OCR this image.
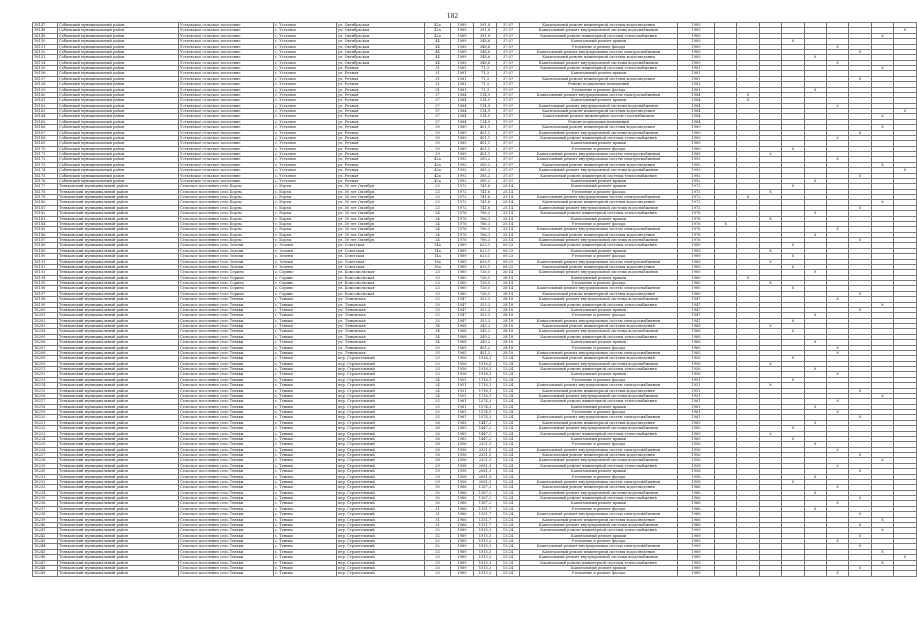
182
18147	Собинский муниципальный район	Устьевское сельское поселение	с. Устьевое	ул. Октябрьская	42а	1989	391,8	37:07	Капитальный ремонт инженерной системы водоотведения	1989									
18148	Собинский муниципальный район	Устьевское сельское поселение	с. Устьевое	ул. Октябрьская	42а	1989	391,8	37:07	Капитальный ремонт внутридомовой системы водоснабжения	1989									X
18149	Собинский муниципальный район	Устьевское сельское поселение	с. Устьевое	ул. Октябрьская	42а	1989	391,8	37:07	Капитальный ремонт инженерной системы теплоснабжения	1989								X	
18150	Собинский муниципальный район	Устьевское сельское поселение	с. Устьевое	ул. Октябрьская	44	1989	348,6	37:07	Капитальный ремонт крыши	1989				X					
18151	Собинский муниципальный район	Устьевское сельское поселение	с. Устьевое	ул. Октябрьская	44	1989	348,6	37:07	Утепление и ремонт фасада	1989						X			
18152	Собинский муниципальный район	Устьевское сельское поселение	с. Устьевое	ул. Октябрьская	44	1989	348,6	37:07	Капитальный ремонт внутридомовых систем электроснабжения	1989							X		
18153	Собинский муниципальный район	Устьевское сельское поселение	с. Устьевое	ул. Октябрьская	44	1989	348,6	37:07	Капитальный ремонт инженерной системы водоотведения	1989					X				
18154	Собинский муниципальный район	Устьевское сельское поселение	с. Устьевое	ул. Октябрьская	44	1989	348,6	37:07	Капитальный ремонт внутридомовой системы водоснабжения	1989						X			
18155	Собинский муниципальный район	Устьевское сельское поселение	с. Устьевое	ул. Речная	31	1981	71,3	37:07	Капитальный ремонт инженерной системы теплоснабжения	1981								X	
18156	Собинский муниципальный район	Устьевское сельское поселение	с. Устьевое	ул. Речная	31	1981	71,3	37:07	Капитальный ремонт крыши	1981									
18157	Собинский муниципальный район	Устьевское сельское поселение	с. Устьевое	ул. Речная	31	1981	71,3	37:07	Капитальный ремонт инженерной системы водоотведения	1981							X		
18158	Собинский муниципальный район	Устьевское сельское поселение	с. Устьевое	ул. Речная	31	1981	71,3	37:07	Ремонт подвальных помещений	1981									
18159	Собинский муниципальный район	Устьевское сельское поселение	с. Устьевое	ул. Речная	31	1981	71,3	37:07	Утепление и ремонт фасада	1981					X				
18160	Собинский муниципальный район	Устьевское сельское поселение	с. Устьевое	ул. Речная	37	1984	114,9	37:07	Капитальный ремонт внутридомовых систем электроснабжения	1984		X							
18161	Собинский муниципальный район	Устьевское сельское поселение	с. Устьевое	ул. Речная	37	1984	114,9	37:07	Капитальный ремонт крыши	1984		X							
18162	Собинский муниципальный район	Устьевское сельское поселение	с. Устьевое	ул. Речная	37	1984	114,9	37:07	Капитальный ремонт внутридомовой системы водоснабжения	1984						X			
18163	Собинский муниципальный район	Устьевское сельское поселение	с. Устьевое	ул. Речная	37	1984	114,9	37:07	Капитальный ремонт инженерной системы водоотведения	1984									X
18164	Собинский муниципальный район	Устьевское сельское поселение	с. Устьевое	ул. Речная	37	1984	114,9	37:07	Капитальный ремонт инженерных систем газоснабжения	1984								X	
18165	Собинский муниципальный район	Устьевское сельское поселение	с. Устьевое	ул. Речная	37	1984	114,9	37:07	Ремонт подвальных помещений	1984									
18166	Собинский муниципальный район	Устьевское сельское поселение	с. Устьевое	ул. Речная	39	1989	401,1	37:07	Капитальный ремонт инженерной системы водоотведения	1989								X	
18167	Собинский муниципальный район	Устьевское сельское поселение	с. Устьевое	ул. Речная	39	1989	401,1	37:07	Капитальный ремонт внутридомовой системы водоснабжения	1989							X		
18168	Собинский муниципальный район	Устьевское сельское поселение	с. Устьевое	ул. Речная	39	1989	401,1	37:07	Капитальный ремонт инженерной системы теплоснабжения	1989						X			
18169	Собинский муниципальный район	Устьевское сельское поселение	с. Устьевое	ул. Речная	39	1989	401,1	37:07	Капитальный ремонт крыши	1989									
18170	Собинский муниципальный район	Устьевское сельское поселение	с. Устьевое	ул. Речная	39	1989	401,1	37:07	Утепление и ремонт фасада	1989				X					
18171	Собинский муниципальный район	Устьевское сельское поселение	с. Устьевое	ул. Речная	39	1989	401,1	37:07	Капитальный ремонт внутридомовых систем электроснабжения	1989			X						
18172	Собинский муниципальный район	Устьевское сельское поселение	с. Устьевое	ул. Речная	42а	1992	385,2	37:07	Капитальный ремонт внутридомовых систем электроснабжения	1992						X			
18173	Собинский муниципальный район	Устьевское сельское поселение	с. Устьевое	ул. Речная	42а	1992	385,2	37:07	Капитальный ремонт инженерной системы водоотведения	1992								X	
18174	Собинский муниципальный район	Устьевское сельское поселение	с. Устьевое	ул. Речная	42а	1992	385,2	37:07	Капитальный ремонт внутридомовой системы водоснабжения	1992									X
18175	Собинский муниципальный район	Устьевское сельское поселение	с. Устьевое	ул. Речная	42а	1992	385,2	37:07	Капитальный ремонт инженерной системы теплоснабжения	1992							X		
18176	Собинский муниципальный район	Устьевское сельское поселение	с. Устьевое	ул. Речная	42а	1992	385,2	37:07	Капитальный ремонт крыши	1992					X				
18177	Теньковский муниципальный район	Сельское поселение село Борзы	с. Борзы	ул. 50 лет Октября	23	1972	741,6	25:14	Капитальный ремонт крыши	1972				X					
18178	Теньковский муниципальный район	Сельское поселение село Борзы	с. Борзы	ул. 50 лет Октября	23	1972	741,6	25:14	Утепление и ремонт фасада	1972			X						
18179	Теньковский муниципальный район	Сельское поселение село Борзы	с. Борзы	ул. 50 лет Октября	23	1972	741,6	25:14	Капитальный ремонт внутридомовых систем электроснабжения	1972		X							
18180	Теньковский муниципальный район	Сельское поселение село Борзы	с. Борзы	ул. 50 лет Октября	23	1972	741,6	25:14	Капитальный ремонт инженерной системы водоотведения	1972								X	
18181	Теньковский муниципальный район	Сельское поселение село Борзы	с. Борзы	ул. 50 лет Октября	23	1972	741,6	25:14	Капитальный ремонт внутридомовой системы водоснабжения	1972							X		
18182	Теньковский муниципальный район	Сельское поселение село Борзы	с. Борзы	ул. 50 лет Октября	24	1976	786,3	25:14	Капитальный ремонт инженерной системы теплоснабжения	1976					X				
18183	Теньковский муниципальный район	Сельское поселение село Борзы	с. Борзы	ул. 50 лет Октября	24	1976	786,3	25:14	Капитальный ремонт крыши	1976			X						
18184	Теньковский муниципальный район	Сельское поселение село Борзы	с. Борзы	ул. 50 лет Октября	24	1976	786,3	25:14	Утепление и ремонт фасада	1976	X								
18185	Теньковский муниципальный район	Сельское поселение село Борзы	с. Борзы	ул. 50 лет Октября	24	1976	786,3	25:14	Капитальный ремонт внутридомовых систем электроснабжения	1976						X			
18186	Теньковский муниципальный район	Сельское поселение село Борзы	с. Борзы	ул. 50 лет Октября	24	1976	786,3	25:14	Капитальный ремонт инженерной системы водоотведения	1976					X				
18187	Теньковский муниципальный район	Сельское поселение село Борзы	с. Борзы	ул. 50 лет Октября	24	1976	786,3	25:14	Капитальный ремонт внутридомовой системы водоснабжения	1976							X		
18188	Теньковский муниципальный район	Сельское поселение село Зелени	с. Зелени	ул. Советская	14а	1989	623,1	09:23	Капитальный ремонт инженерной системы теплоснабжения	1989				X					
18189	Теньковский муниципальный район	Сельское поселение село Зелени	с. Зелени	ул. Советская	14а	1989	623,1	09:23	Капитальный ремонт крыши	1989			X						
18190	Теньковский муниципальный район	Сельское поселение село Зелени	с. Зелени	ул. Советская	14а	1989	623,1	09:23	Утепление и ремонт фасада	1989				X					
18191	Теньковский муниципальный район	Сельское поселение село Зелени	с. Зелени	ул. Советская	18а	1989	633,1	09:23	Капитальный ремонт внутридомовых систем электроснабжения	1989			X						
18192	Теньковский муниципальный район	Сельское поселение село Зелени	с. Зелени	ул. Советская	18а	1989	633,1	09:23	Капитальный ремонт инженерной системы водоотведения	1989				X					
18193	Теньковский муниципальный район	Сельское поселение село Сорино	с. Сорино	ул. Комсомольская	23	1960	726,5	26:14	Капитальный ремонт внутридомовой системы водоснабжения	1960					X				
18194	Теньковский муниципальный район	Сельское поселение село Сорино	с. Сорино	ул. Комсомольская	23	1960	726,5	26:14	Капитальный ремонт крыши	1960		X							
18195	Теньковский муниципальный район	Сельское поселение село Сорино	с. Сорино	ул. Комсомольская	23	1960	726,5	26:14	Утепление и ремонт фасада	1960			X						
18196	Теньковский муниципальный район	Сельское поселение село Сорино	с. Сорино	ул. Комсомольская	23	1960	726,5	26:14	Капитальный ремонт внутридомовых систем электроснабжения	1960				X					
18197	Теньковский муниципальный район	Сельское поселение село Сорино	с. Сорино	ул. Комсомольская	23	1960	726,5	26:14	Капитальный ремонт инженерной системы водоотведения	1960							X		
18198	Теньковский муниципальный район	Сельское поселение село Теньки	с. Теньки	ул. Ленинская	33	1947	353,3	28:18	Капитальный ремонт внутридомовой системы водоснабжения	1947						X			
18199	Теньковский муниципальный район	Сельское поселение село Теньки	с. Теньки	ул. Ленинская	33	1947	353,3	28:18	Капитальный ремонт инженерной системы теплоснабжения	1947								X	
18200	Теньковский муниципальный район	Сельское поселение село Теньки	с. Теньки	ул. Ленинская	33	1947	353,3	28:18	Капитальный ремонт крыши	1947							X		
18201	Теньковский муниципальный район	Сельское поселение село Теньки	с. Теньки	ул. Ленинская	33	1947	353,3	28:18	Утепление и ремонт фасада	1947					X				
18202	Теньковский муниципальный район	Сельское поселение село Теньки	с. Теньки	ул. Ленинская	33	1947	353,3	28:18	Капитальный ремонт внутридомовых систем электроснабжения	1947				X					
18203	Теньковский муниципальный район	Сельское поселение село Теньки	с. Теньки	ул. Ленинская	34	1968	349,2	28:18	Капитальный ремонт инженерной системы водоотведения	1968			X						
18204	Теньковский муниципальный район	Сельское поселение село Теньки	с. Теньки	ул. Ленинская	34	1968	349,2	28:18	Капитальный ремонт внутридомовой системы водоснабжения	1968				X					
18205	Теньковский муниципальный район	Сельское поселение село Теньки	с. Теньки	ул. Ленинская	34	1968	349,2	28:18	Капитальный ремонт инженерной системы теплоснабжения	1968									
18206	Теньковский муниципальный район	Сельское поселение село Теньки	с. Теньки	ул. Ленинская	34	1968	349,2	28:18	Капитальный ремонт крыши	1968					X				
18207	Теньковский муниципальный район	Сельское поселение село Теньки	с. Теньки	ул. Ленинская	35	1965	401,2	28:18	Утепление и ремонт фасада	1965						X			
18208	Теньковский муниципальный район	Сельское поселение село Теньки	с. Теньки	ул. Ленинская	35	1965	401,2	28:18	Капитальный ремонт внутридомовых систем электроснабжения	1965						X			
18209	Теньковский муниципальный район	Сельское поселение село Теньки	с. Теньки	пер. Строительный	23	1956	1916,3	13:24	Капитальный ремонт инженерной системы водоотведения	1956				X					
18210	Теньковский муниципальный район	Сельское поселение село Теньки	с. Теньки	пер. Строительный	23	1956	1916,3	13:24	Капитальный ремонт внутридомовой системы водоснабжения	1956			X						
18211	Теньковский муниципальный район	Сельское поселение село Теньки	с. Теньки	пер. Строительный	23	1956	1916,3	13:24	Капитальный ремонт инженерной системы теплоснабжения	1956					X				
18212	Теньковский муниципальный район	Сельское поселение село Теньки	с. Теньки	пер. Строительный	23	1956	1916,3	13:24	Капитальный ремонт крыши	1956						X			
18213	Теньковский муниципальный район	Сельское поселение село Теньки	с. Теньки	пер. Строительный	24	1951	1716,1	13:24	Утепление и ремонт фасада	1951				X					
18214	Теньковский муниципальный район	Сельское поселение село Теньки	с. Теньки	пер. Строительный	24	1951	1716,1	13:24	Капитальный ремонт внутридомовых систем электроснабжения	1951			X						
18215	Теньковский муниципальный район	Сельское поселение село Теньки	с. Теньки	пер. Строительный	24	1951	1716,1	13:24	Капитальный ремонт инженерной системы водоотведения	1951							X		
18216	Теньковский муниципальный район	Сельское поселение село Теньки	с. Теньки	пер. Строительный	24	1951	1716,1	13:24	Капитальный ремонт внутридомовой системы водоснабжения	1951								X	
18217	Теньковский муниципальный район	Сельское поселение село Теньки	с. Теньки	пер. Строительный	25	1961	1574,3	13:24	Капитальный ремонт инженерной системы теплоснабжения	1961						X			
18218	Теньковский муниципальный район	Сельское поселение село Теньки	с. Теньки	пер. Строительный	25	1961	1574,3	13:24	Капитальный ремонт крыши	1961					X				
18219	Теньковский муниципальный район	Сельское поселение село Теньки	с. Теньки	пер. Строительный	25	1961	1574,3	13:24	Утепление и ремонт фасада	1961						X			
18220	Теньковский муниципальный район	Сельское поселение село Теньки	с. Теньки	пер. Строительный	25	1961	1574,3	13:24	Капитальный ремонт внутридомовых систем электроснабжения	1961							X		
18221	Теньковский муниципальный район	Сельское поселение село Теньки	с. Теньки	пер. Строительный	26	1965	1447,2	13:24	Капитальный ремонт инженерной системы водоотведения	1965					X				
18222	Теньковский муниципальный район	Сельское поселение село Теньки	с. Теньки	пер. Строительный	26	1965	1447,2	13:24	Капитальный ремонт внутридомовой системы водоснабжения	1965				X					
18223	Теньковский муниципальный район	Сельское поселение село Теньки	с. Теньки	пер. Строительный	26	1965	1447,2	13:24	Капитальный ремонт инженерной системы теплоснабжения	1965			X						
18224	Теньковский муниципальный район	Сельское поселение село Теньки	с. Теньки	пер. Строительный	26	1965	1447,2	13:24	Капитальный ремонт крыши	1965				X					
18225	Теньковский муниципальный район	Сельское поселение село Теньки	с. Теньки	пер. Строительный	28	1956	2321,5	13:24	Утепление и ремонт фасада	1956					X				
18226	Теньковский муниципальный район	Сельское поселение село Теньки	с. Теньки	пер. Строительный	28	1956	2321,5	13:24	Капитальный ремонт внутридомовых систем электроснабжения	1956						X			
18227	Теньковский муниципальный район	Сельское поселение село Теньки	с. Теньки	пер. Строительный	28	1956	2321,5	13:24	Капитальный ремонт инженерной системы водоотведения	1956							X		
18228	Теньковский муниципальный район	Сельское поселение село Теньки	с. Теньки	пер. Строительный	28	1956	2321,5	13:24	Капитальный ремонт внутридомовой системы водоснабжения	1956								X	
18229	Теньковский муниципальный район	Сельское поселение село Теньки	с. Теньки	пер. Строительный	29	1958	2081,3	13:24	Капитальный ремонт инженерной системы теплоснабжения	1958						X			
18230	Теньковский муниципальный район	Сельское поселение село Теньки	с. Теньки	пер. Строительный	29	1958	2081,3	13:24	Капитальный ремонт крыши	1958							X		
18231	Теньковский муниципальный район	Сельское поселение село Теньки	с. Теньки	пер. Строительный	29	1958	2081,3	13:24	Утепление и ремонт фасада	1958					X				
18232	Теньковский муниципальный район	Сельское поселение село Теньки	с. Теньки	пер. Строительный	29	1958	2081,3	13:24	Капитальный ремонт внутридомовых систем электроснабжения	1958				X					
18233	Теньковский муниципальный район	Сельское поселение село Теньки	с. Теньки	пер. Строительный	30	1966	1167,2	13:24	Капитальный ремонт инженерной системы водоотведения	1966						X			
18234	Теньковский муниципальный район	Сельское поселение село Теньки	с. Теньки	пер. Строительный	30	1966	1167,2	13:24	Капитальный ремонт внутридомовой системы водоснабжения	1966					X				
18235	Теньковский муниципальный район	Сельское поселение село Теньки	с. Теньки	пер. Строительный	30	1966	1167,2	13:24	Капитальный ремонт инженерной системы теплоснабжения	1966							X		
18236	Теньковский муниципальный район	Сельское поселение село Теньки	с. Теньки	пер. Строительный	30	1966	1167,2	13:24	Капитальный ремонт крыши	1966						X			
18237	Теньковский муниципальный район	Сельское поселение село Теньки	с. Теньки	пер. Строительный	31	1966	1151,7	13:24	Утепление и ремонт фасада	1966					X				
18238	Теньковский муниципальный район	Сельское поселение село Теньки	с. Теньки	пер. Строительный	31	1966	1151,7	13:24	Капитальный ремонт внутридомовых систем электроснабжения	1966							X		
18239	Теньковский муниципальный район	Сельское поселение село Теньки	с. Теньки	пер. Строительный	31	1966	1151,7	13:24	Капитальный ремонт инженерной системы водоотведения	1966								X	
18240	Теньковский муниципальный район	Сельское поселение село Теньки	с. Теньки	пер. Строительный	31	1966	1151,7	13:24	Капитальный ремонт внутридомовой системы водоснабжения	1966							X		
18241	Теньковский муниципальный район	Сельское поселение село Теньки	с. Теньки	пер. Строительный	32	1989	1915,3	13:24	Капитальный ремонт инженерной системы теплоснабжения	1989								X	
18242	Теньковский муниципальный район	Сельское поселение село Теньки	с. Теньки	пер. Строительный	32	1989	1915,3	13:24	Капитальный ремонт крыши	1989							X		
18243	Теньковский муниципальный район	Сельское поселение село Теньки	с. Теньки	пер. Строительный	32	1989	1915,3	13:24	Утепление и ремонт фасада	1989						X			
18244	Теньковский муниципальный район	Сельское поселение село Теньки	с. Теньки	пер. Строительный	32	1989	1915,3	13:24	Капитальный ремонт внутридомовых систем электроснабжения	1989							X		
18245	Теньковский муниципальный район	Сельское поселение село Теньки	с. Теньки	пер. Строительный	33	1989	1915,3	13:24	Капитальный ремонт инженерной системы водоотведения	1989								X	
18246	Теньковский муниципальный район	Сельское поселение село Теньки	с. Теньки	пер. Строительный	33	1989	1915,3	13:24	Капитальный ремонт внутридомовой системы водоснабжения	1989									X
18247	Теньковский муниципальный район	Сельское поселение село Теньки	с. Теньки	пер. Строительный	33	1989	1915,3	13:24	Капитальный ремонт инженерной системы теплоснабжения	1989								X	
18248	Теньковский муниципальный район	Сельское поселение село Теньки	с. Теньки	пер. Строительный	33	1989	1915,3	13:24	Капитальный ремонт крыши	1989							X		
18249	Теньковский муниципальный район	Сельское поселение село Теньки	с. Теньки	пер. Строительный	33	1989	1915,3	13:24	Утепление и ремонт фасада	1989						X			
